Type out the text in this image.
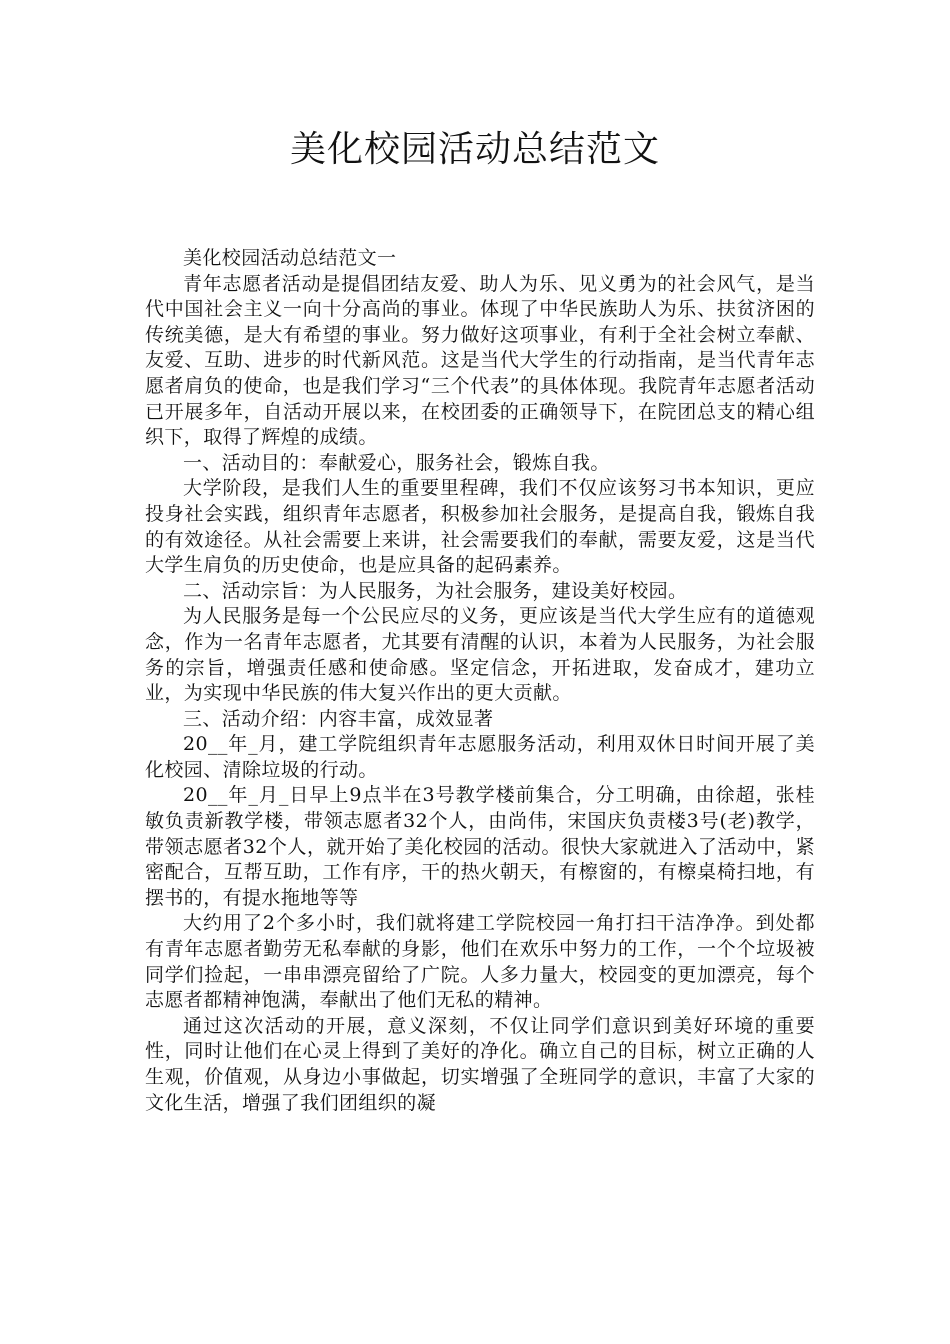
美化校园活动总结范文

美化校园活动总结范文一

青年志愿者活动是提倡团结友爱、助人为乐、见义勇为的社会风气，是当代中国社会主义一向十分高尚的事业。体现了中华民族助人为乐、扶贫济困的传统美德，是大有希望的事业。努力做好这项事业，有利于全社会树立奉献、友爱、互助、进步的时代新风范。这是当代大学生的行动指南，是当代青年志愿者肩负的使命，也是我们学习“三个代表”的具体体现。我院青年志愿者活动已开展多年，自活动开展以来，在校团委的正确领导下，在院团总支的精心组织下，取得了辉煌的成绩。

一、活动目的：奉献爱心，服务社会，锻炼自我。

大学阶段，是我们人生的重要里程碑，我们不仅应该努习书本知识，更应投身社会实践，组织青年志愿者，积极参加社会服务，是提高自我，锻炼自我的有效途径。从社会需要上来讲，社会需要我们的奉献，需要友爱，这是当代大学生肩负的历史使命，也是应具备的起码素养。

二、活动宗旨：为人民服务，为社会服务，建设美好校园。

为人民服务是每一个公民应尽的义务，更应该是当代大学生应有的道德观念，作为一名青年志愿者，尤其要有清醒的认识，本着为人民服务，为社会服务的宗旨，增强责任感和使命感。坚定信念，开拓进取，发奋成才，建功立业，为实现中华民族的伟大复兴作出的更大贡献。

三、活动介绍：内容丰富，成效显著

20__年_月，建工学院组织青年志愿服务活动，利用双休日时间开展了美化校园、清除垃圾的行动。

20__年_月_日早上9点半在3号教学楼前集合，分工明确，由徐超，张桂敏负责新教学楼，带领志愿者32个人，由尚伟，宋国庆负责楼3号(老)教学，带领志愿者32个人，就开始了美化校园的活动。很快大家就进入了活动中，紧密配合，互帮互助，工作有序，干的热火朝天，有檫窗的，有檫桌椅扫地，有摆书的，有提水拖地等等

大约用了2个多小时，我们就将建工学院校园一角打扫干洁净净。到处都有青年志愿者勤劳无私奉献的身影，他们在欢乐中努力的工作，一个个垃圾被同学们捡起，一串串漂亮留给了广院。人多力量大，校园变的更加漂亮，每个志愿者都精神饱满，奉献出了他们无私的精神。

通过这次活动的开展，意义深刻，不仅让同学们意识到美好环境的重要性，同时让他们在心灵上得到了美好的净化。确立自己的目标，树立正确的人生观，价值观，从身边小事做起，切实增强了全班同学的意识，丰富了大家的文化生活，增强了我们团组织的凝
